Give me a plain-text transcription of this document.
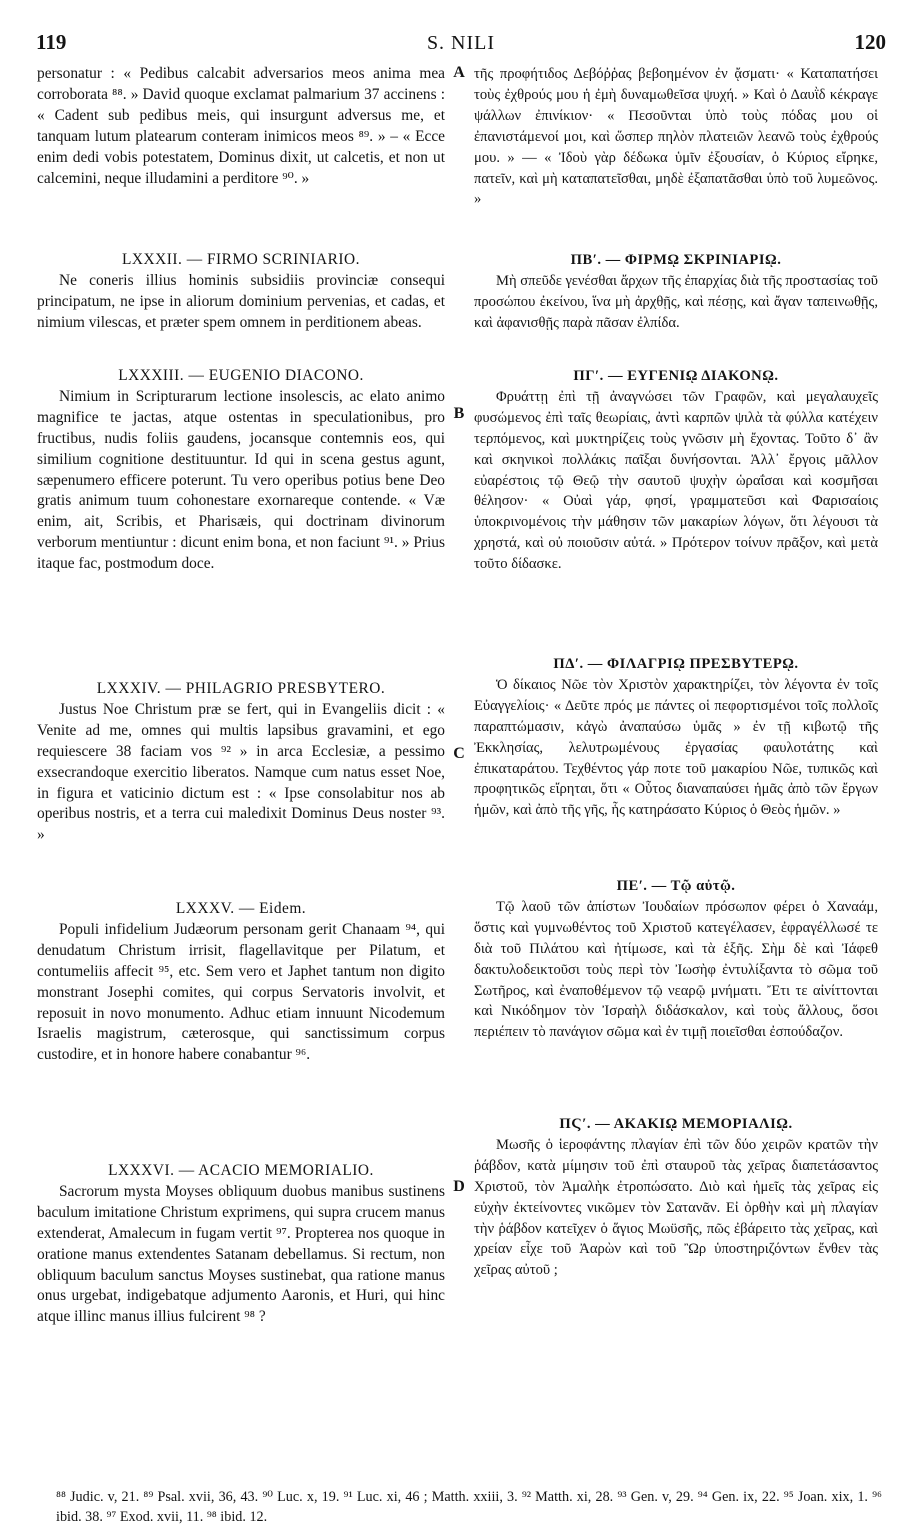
119	S. NILI	120
A
B
C
D

personatur : « Pedibus calcabit adversarios meos anima mea corroborata ⁸⁸. » David quoque exclamat palmarium 37 accinens : « Cadent sub pedibus meis, qui insurgunt adversus me, et tanquam lutum platearum conteram inimicos meos ⁸⁹. » – « Ecce enim dedi vobis potestatem, Dominus dixit, ut calcetis, et non ut calcemini, neque illudamini a perditore ⁹⁰. »

LXXXII. — FIRMO SCRINIARIO.

Ne coneris illius hominis subsidiis provinciæ consequi principatum, ne ipse in aliorum dominium pervenias, et cadas, et nimium vilescas, et præter spem omnem in perditionem abeas.

LXXXIII. — EUGENIO DIACONO.

Nimium in Scripturarum lectione insolescis, ac elato animo magnifice te jactas, atque ostentas in speculationibus, pro fructibus, nudis foliis gaudens, jocansque contemnis eos, qui similium cognitione destituuntur. Id qui in scena gestus agunt, sæpenumero efficere poterunt. Tu vero operibus potius bene Deo gratis animum tuum cohonestare exornareque contende. « Væ enim, ait, Scribis, et Pharisæis, qui doctrinam divinorum verborum mentiuntur : dicunt enim bona, et non faciunt ⁹¹. » Prius itaque fac, postmodum doce.

LXXXIV. — PHILAGRIO PRESBYTERO.

Justus Noe Christum præ se fert, qui in Evangeliis dicit : « Venite ad me, omnes qui multis lapsibus gravamini, et ego requiescere 38 faciam vos ⁹² » in arca Ecclesiæ, a pessimo exsecrandoque exercitio liberatos. Namque cum natus esset Noe, in figura et vaticinio dictum est : « Ipse consolabitur nos ab operibus nostris, et a terra cui maledixit Dominus Deus noster ⁹³. »

LXXXV. — Eidem.

Populi infidelium Judæorum personam gerit Chanaam ⁹⁴, qui denudatum Christum irrisit, flagellavitque per Pilatum, et contumeliis affecit ⁹⁵, etc. Sem vero et Japhet tantum non digito monstrant Josephi comites, qui corpus Servatoris involvit, et reposuit in novo monumento. Adhuc etiam innuunt Nicodemum Israelis magistrum, cæterosque, qui sanctissimum corpus custodire, et in honore habere conabantur ⁹⁶.

LXXXVI. — ACACIO MEMORIALIO.

Sacrorum mysta Moyses obliquum duobus manibus sustinens baculum imitatione Christum exprimens, qui supra crucem manus extenderat, Amalecum in fugam vertit ⁹⁷. Propterea nos quoque in oratione manus extendentes Satanam debellamus. Si rectum, non obliquum baculum sanctus Moyses sustinebat, qua ratione manus onus urgebat, indigebatque adjumento Aaronis, et Huri, qui hinc atque illinc manus illius fulcirent ⁹⁸ ?

τῆς προφήτιδος Δεβόῤῥας βεβοημένον ἐν ᾄσματι· « Καταπατήσει τοὺς ἐχθρούς μου ἡ ἐμὴ δυναμωθεῖσα ψυχή. » Καὶ ὁ Δαυῒδ κέκραγε ψάλλων ἐπινίκιον· « Πεσοῦνται ὑπὸ τοὺς πόδας μου οἱ ἐπανιστάμενοί μοι, καὶ ὥσπερ πηλὸν πλατειῶν λεανῶ τοὺς ἐχθρούς μου. » — « Ἰδοὺ γὰρ δέδωκα ὑμῖν ἐξουσίαν, ὁ Κύριος εἴρηκε, πατεῖν, καὶ μὴ καταπατεῖσθαι, μηδὲ ἐξαπατᾶσθαι ὑπὸ τοῦ λυμεῶνος. »

ΠΒʹ. — ΦΙΡΜῼ ΣΚΡΙΝΙΑΡΙῼ.

Μὴ σπεῦδε γενέσθαι ἄρχων τῆς ἐπαρχίας διὰ τῆς προστασίας τοῦ προσώπου ἐκείνου, ἵνα μὴ ἀρχθῇς, καὶ πέσῃς, καὶ ἄγαν ταπεινωθῇς, καὶ ἀφανισθῇς παρὰ πᾶσαν ἐλπίδα.

ΠΓʹ. — ΕΥΓΕΝΙῼ ΔΙΑΚΟΝῼ.

Φρυάττῃ ἐπὶ τῇ ἀναγνώσει τῶν Γραφῶν, καὶ μεγαλαυχεῖς φυσώμενος ἐπὶ ταῖς θεωρίαις, ἀντὶ καρπῶν ψιλὰ τὰ φύλλα κατέχειν τερπόμενος, καὶ μυκτηρίζεις τοὺς γνῶσιν μὴ ἔχοντας. Τοῦτο δ᾽ ἂν καὶ σκηνικοὶ πολλάκις παῖξαι δυνήσονται. Ἀλλ᾽ ἔργοις μᾶλλον εὐαρέστοις τῷ Θεῷ τὴν σαυτοῦ ψυχὴν ὡραΐσαι καὶ κοσμῆσαι θέλησον· « Οὐαὶ γάρ, φησί, γραμματεῦσι καὶ Φαρισαίοις ὑποκρινομένοις τὴν μάθησιν τῶν μακαρίων λόγων, ὅτι λέγουσι τὰ χρηστά, καὶ οὐ ποιοῦσιν αὐτά. » Πρότερον τοίνυν πρᾶξον, καὶ μετὰ τοῦτο δίδασκε.

ΠΔʹ. — ΦΙΛΑΓΡΙῼ ΠΡΕΣΒΥΤΕΡῼ.

Ὁ δίκαιος Νῶε τὸν Χριστὸν χαρακτηρίζει, τὸν λέγοντα ἐν τοῖς Εὐαγγελίοις· « Δεῦτε πρός με πάντες οἱ πεφορτισμένοι τοῖς πολλοῖς παραπτώμασιν, κἀγὼ ἀναπαύσω ὑμᾶς » ἐν τῇ κιβωτῷ τῆς Ἐκκλησίας, λελυτρωμένους ἐργασίας φαυλοτάτης καὶ ἐπικαταράτου. Τεχθέντος γάρ ποτε τοῦ μακαρίου Νῶε, τυπικῶς καὶ προφητικῶς εἴρηται, ὅτι « Οὗτος διαναπαύσει ἡμᾶς ἀπὸ τῶν ἔργων ἡμῶν, καὶ ἀπὸ τῆς γῆς, ἧς κατηράσατο Κύριος ὁ Θεὸς ἡμῶν. »

ΠΕʹ. — Τῷ αὐτῷ.

Τῷ λαοῦ τῶν ἀπίστων Ἰουδαίων πρόσωπον φέρει ὁ Χαναάμ, ὅστις καὶ γυμνωθέντος τοῦ Χριστοῦ κατεγέλασεν, ἐφραγέλλωσέ τε διὰ τοῦ Πιλάτου καὶ ἠτίμωσε, καὶ τὰ ἑξῆς. Σὴμ δὲ καὶ Ἰάφεθ δακτυλοδεικτοῦσι τοὺς περὶ τὸν Ἰωσὴφ ἐντυλίξαντα τὸ σῶμα τοῦ Σωτῆρος, καὶ ἐναποθέμενον τῷ νεαρῷ μνήματι. Ἔτι τε αἰνίττονται καὶ Νικόδημον τὸν Ἰσραὴλ διδάσκαλον, καὶ τοὺς ἄλλους, ὅσοι περιέπειν τὸ πανάγιον σῶμα καὶ ἐν τιμῇ ποιεῖσθαι ἐσπούδαζον.

ΠϚʹ. — ΑΚΑΚΙῼ ΜΕΜΟΡΙΑΛΙῼ.

Μωσῆς ὁ ἱεροφάντης πλαγίαν ἐπὶ τῶν δύο χειρῶν κρατῶν τὴν ῥάβδον, κατὰ μίμησιν τοῦ ἐπὶ σταυροῦ τὰς χεῖρας διαπετάσαντος Χριστοῦ, τὸν Ἀμαλὴκ ἐτροπώσατο. Διὸ καὶ ἡμεῖς τὰς χεῖρας εἰς εὐχὴν ἐκτείνοντες νικῶμεν τὸν Σατανᾶν. Εἰ ὀρθὴν καὶ μὴ πλαγίαν τὴν ῥάβδον κατεῖχεν ὁ ἅγιος Μωϋσῆς, πῶς ἐβάρειτο τὰς χεῖρας, καὶ χρείαν εἶχε τοῦ Ἀαρὼν καὶ τοῦ Ὢρ ὑποστηριζόντων ἔνθεν τὰς χεῖρας αὐτοῦ ;

⁸⁸ Judic. v, 21. ⁸⁹ Psal. xvii, 36, 43. ⁹⁰ Luc. x, 19. ⁹¹ Luc. xi, 46 ; Matth. xxiii, 3. ⁹² Matth. xi, 28. ⁹³ Gen. v, 29. ⁹⁴ Gen. ix, 22. ⁹⁵ Joan. xix, 1. ⁹⁶ ibid. 38. ⁹⁷ Exod. xvii, 11. ⁹⁸ ibid. 12.
